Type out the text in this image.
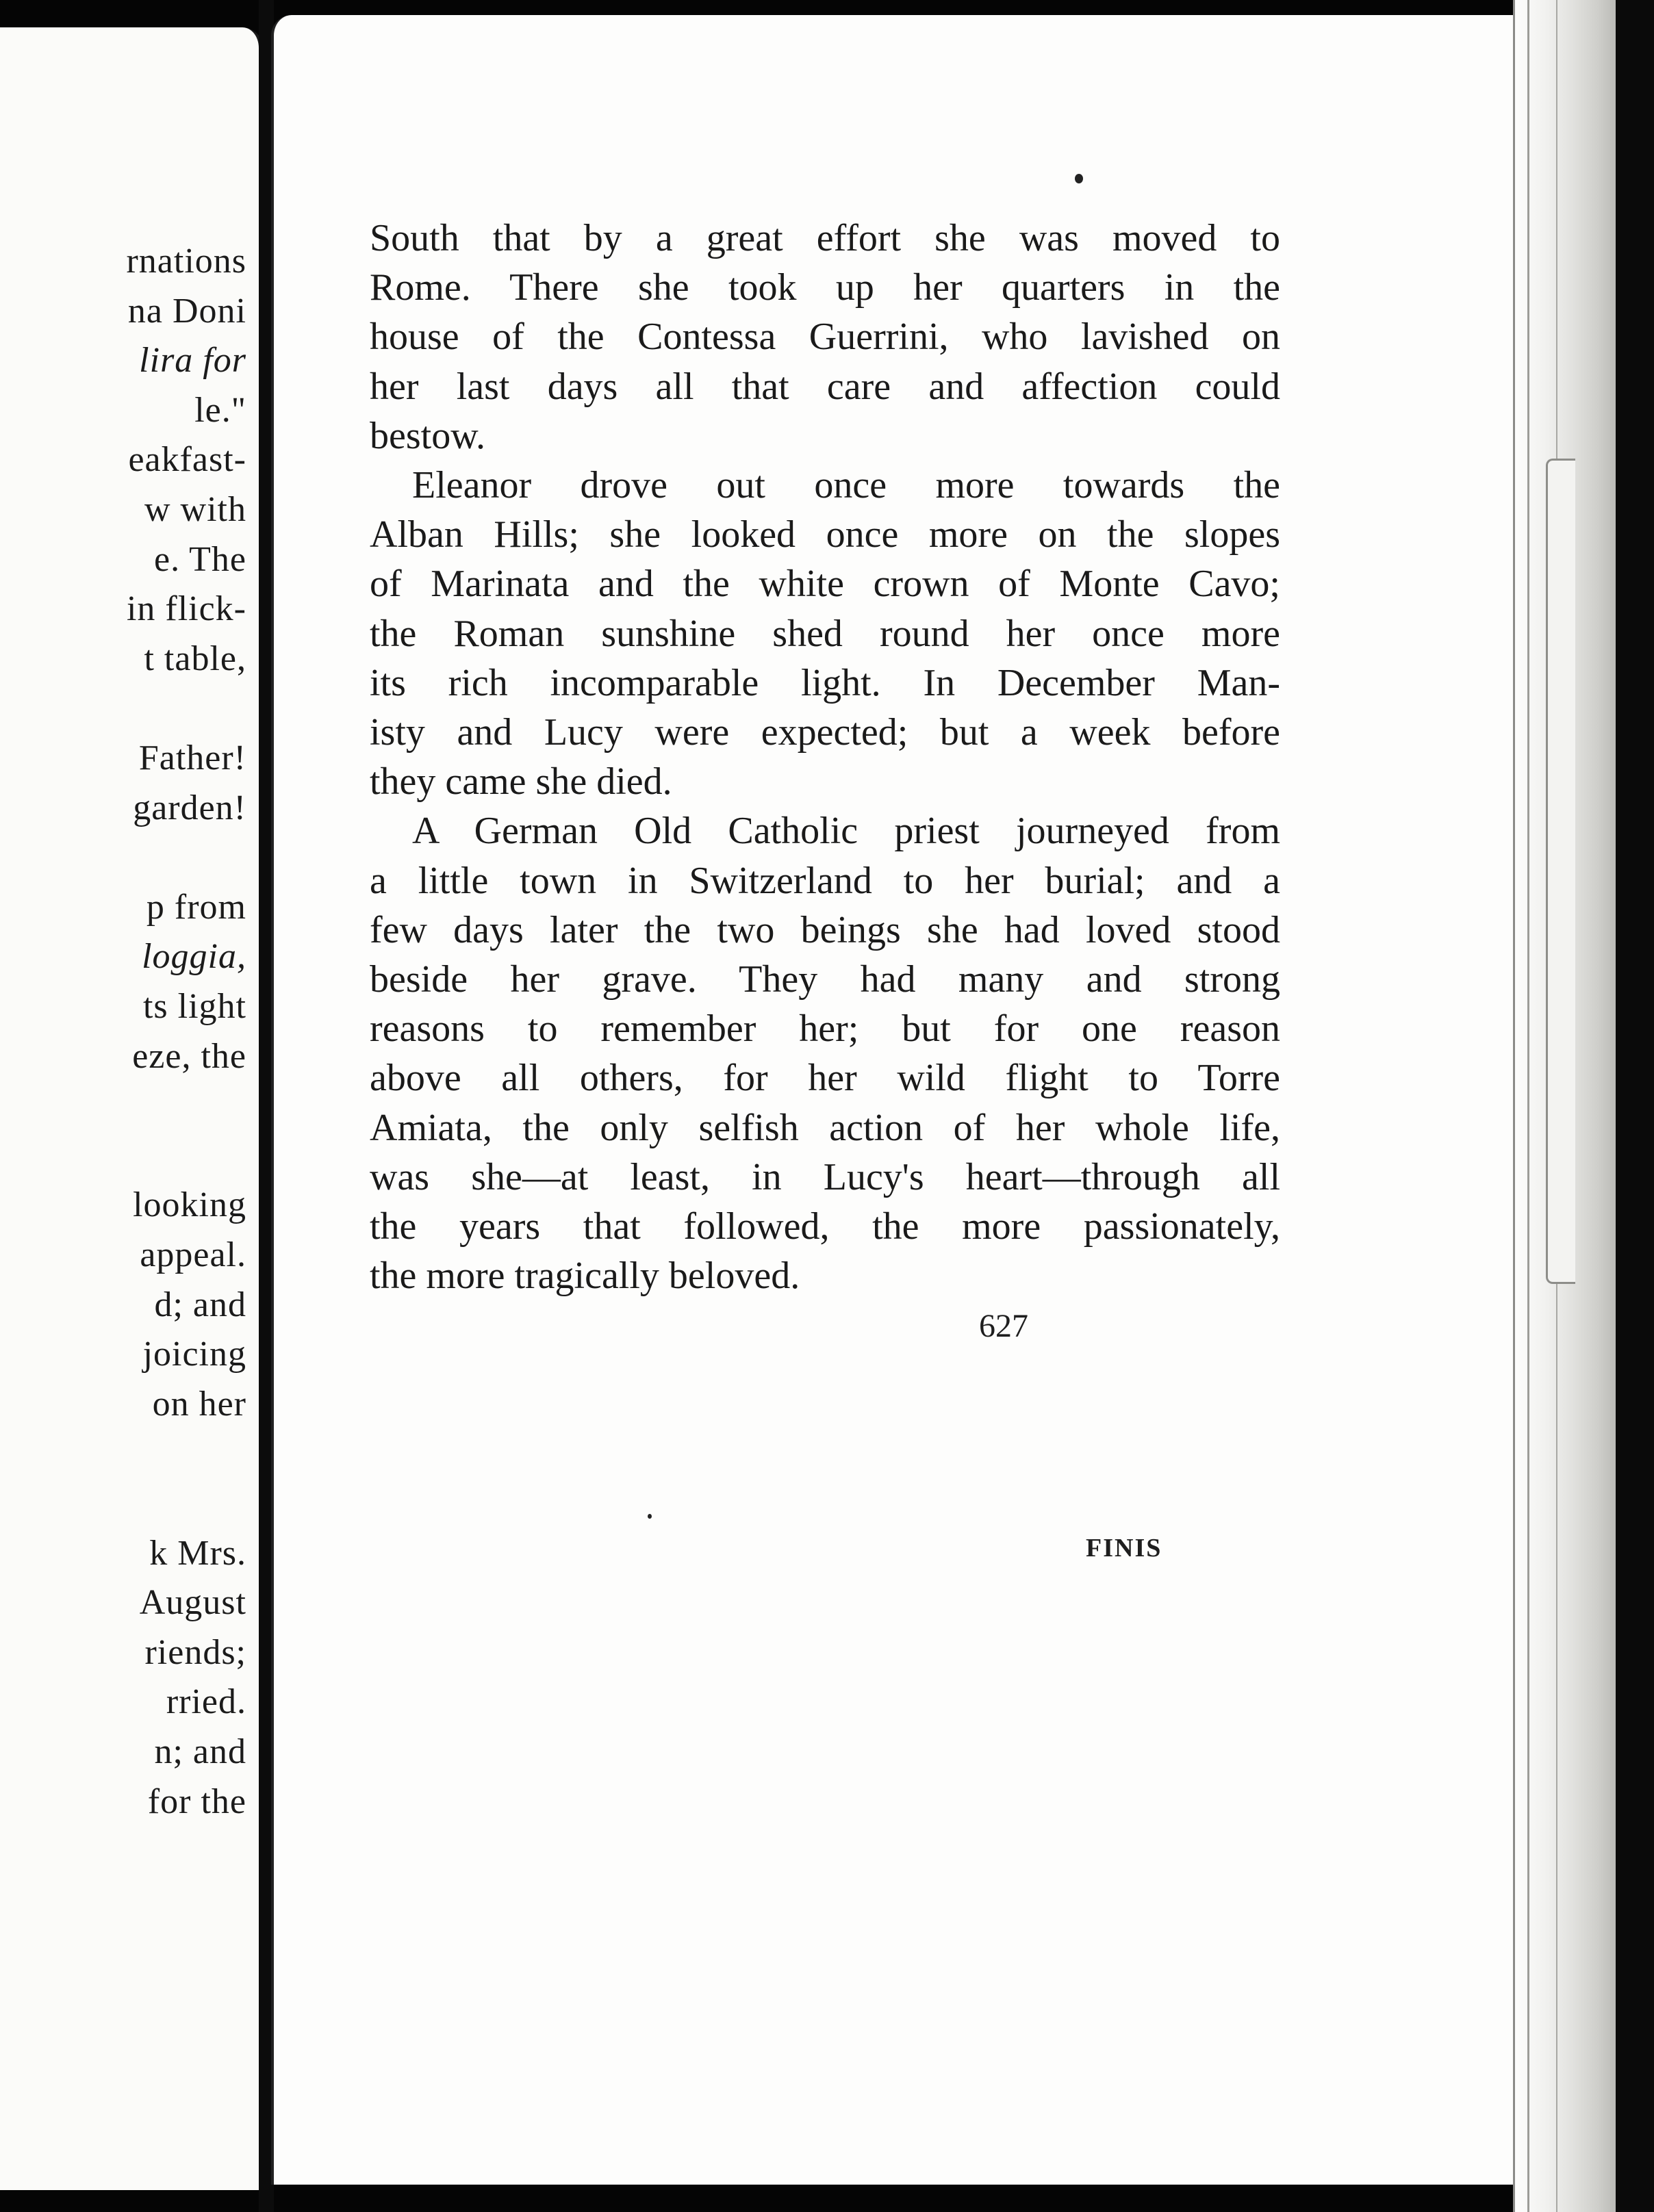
rnations
na Doni
lira for
le."
eakfast-
w with
e. The
in flick-
t table,
Father!
garden!
p from
loggia,
ts light
eze, the
looking
appeal.
d; and
joicing
on her
k Mrs.
August
riends;
rried.
n; and
for the

South that by a great effort she was moved to
Rome. There she took up her quarters in the
house of the Contessa Guerrini, who lavished on
her last days all that care and affection could
bestow.

Eleanor drove out once more towards the
Alban Hills; she looked once more on the slopes
of Marinata and the white crown of Monte Cavo;
the Roman sunshine shed round her once more
its rich incomparable light. In December Man-
isty and Lucy were expected; but a week before
they came she died.

A German Old Catholic priest journeyed from
a little town in Switzerland to her burial; and a
few days later the two beings she had loved stood
beside her grave. They had many and strong
reasons to remember her; but for one reason
above all others, for her wild flight to Torre
Amiata, the only selfish action of her whole life,
was she—at least, in Lucy's heart—through all
the years that followed, the more passionately,
the more tragically beloved.

627
FINIS
